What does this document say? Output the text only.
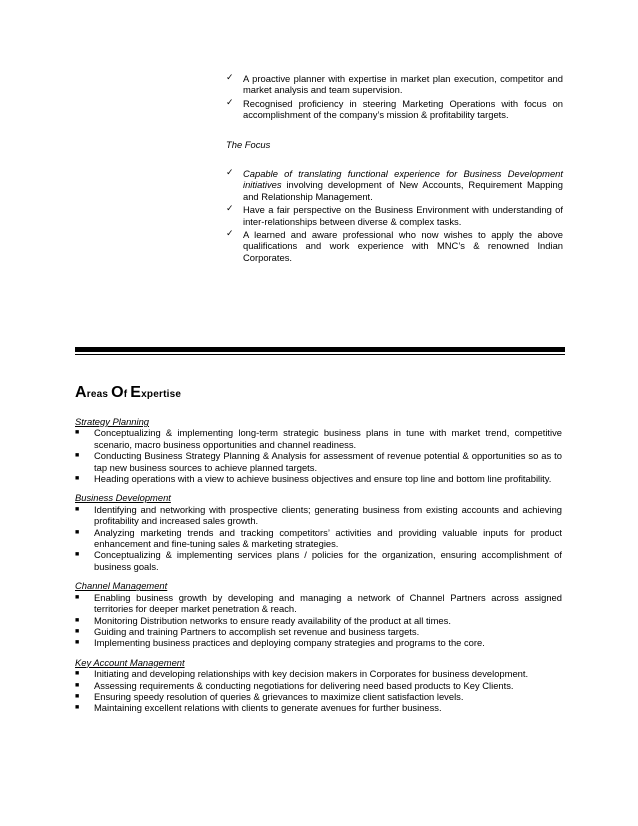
✓	A proactive planner with expertise in market plan execution, competitor and market analysis and team supervision.
✓	Recognised proficiency in steering Marketing Operations with focus on accomplishment of the company’s mission & profitability targets.
The Focus
✓	Capable of translating functional experience for Business Development initiatives involving development of New Accounts, Requirement Mapping and Relationship Management.
✓	Have a fair perspective on the Business Environment with understanding of inter-relationships between diverse & complex tasks.
✓	A learned and aware professional who now wishes to apply the above qualifications and work experience with MNC’s & renowned Indian Corporates.
Areas Of Expertise
Strategy Planning
■	Conceptualizing & implementing long-term strategic business plans in tune with market trend, competitive scenario, macro business opportunities and channel readiness.
■	Conducting Business Strategy Planning & Analysis for assessment of revenue potential & opportunities so as to tap new business sources to achieve planned targets.
■	Heading operations with a view to achieve business objectives and ensure top line and bottom line profitability.
Business Development
■	Identifying and networking with prospective clients; generating business from existing accounts and achieving profitability and increased sales growth.
■	Analyzing marketing trends and tracking competitors’ activities and providing valuable inputs for product enhancement and fine-tuning sales & marketing strategies.
■	Conceptualizing & implementing services plans / policies for the organization, ensuring accomplishment of business goals.
Channel Management
■	Enabling business growth by developing and managing a network of Channel Partners across assigned territories for deeper market penetration & reach.
■	Monitoring Distribution networks to ensure ready availability of the product at all times.
■	Guiding and training Partners to accomplish set revenue and business targets.
■	Implementing business practices and deploying company strategies and programs to the core.
Key Account Management
■	Initiating and developing relationships with key decision makers in Corporates for business development.
■	Assessing requirements & conducting negotiations for delivering need based products to Key Clients.
■	Ensuring speedy resolution of queries & grievances to maximize client satisfaction levels.
■	Maintaining excellent relations with clients to generate avenues for further business.
